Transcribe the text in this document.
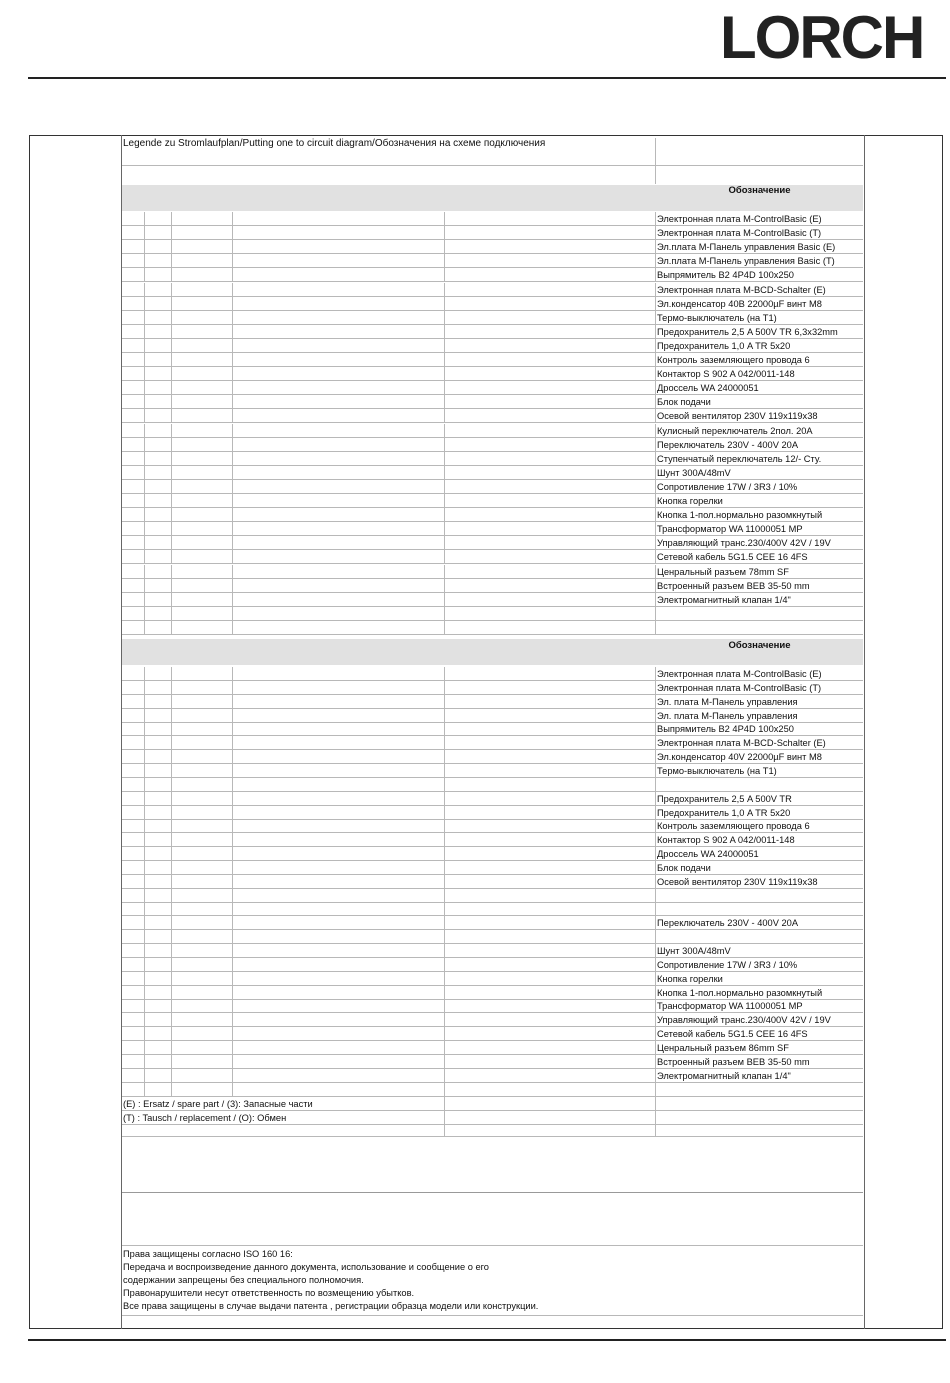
LORCH
Legende zu Stromlaufplan/Putting one to circuit diagram/Обозначения на схеме подключения
Обозначение
Электронная плата M-ControlBasic (E)
Электронная плата M-ControlBasic (T)
Эл.плата M-Панель управления Basic (E)
Эл.плата M-Панель управления Basic (T)
Выпрямитель B2 4P4D 100x250
Электронная плата M-BCD-Schalter (E)
Эл.конденсатор 40В 22000µF винт M8
Термо-выключатель (на T1)
Предохранитель 2,5 A 500V TR 6,3x32mm
Предохранитель 1,0 A TR 5x20
Контроль заземляющего провода 6
Контактор S 902 A 042/0011-148
Дроссель WA 24000051
Блок подачи
Осевой вентилятор 230V 119x119x38
Кулисный переключатель 2пол. 20A
Переключатель 230V - 400V 20A
Ступенчатый переключатель 12/- Сту.
Шунт 300A/48mV
Сопротивление 17W / 3R3 / 10%
Кнопка горелки
Кнопка 1-пол.нормально разомкнутый
Трансформатор WA 11000051 MP
Управляющий транс.230/400V 42V / 19V
Сетевой кабель 5G1.5 CEE 16 4FS
Ценральный разъем 78mm SF
Встроенный разъем BEB 35-50 mm
Электромагнитный клапан 1/4"
Обозначение
Электронная плата M-ControlBasic (E)
Электронная плата M-ControlBasic (T)
Эл. плата M-Панель управления
Эл. плата M-Панель управления
Выпрямитель B2 4P4D 100x250
Электронная плата M-BCD-Schalter (E)
Эл.конденсатор 40V 22000µF винт M8
Термо-выключатель (на T1)
Предохранитель 2,5 A 500V TR
Предохранитель 1,0 A TR 5x20
Контроль заземляющего провода 6
Контактор S 902 A 042/0011-148
Дроссель WA 24000051
Блок подачи
Осевой вентилятор 230V 119x119x38
Переключатель 230V - 400V 20A
Шунт 300A/48mV
Сопротивление 17W / 3R3 / 10%
Кнопка горелки
Кнопка 1-пол.нормально разомкнутый
Трансформатор WA 11000051 MP
Управляющий транс.230/400V 42V / 19V
Сетевой кабель 5G1.5 CEE 16 4FS
Ценральный разъем 86mm SF
Встроенный разъем BEB 35-50 mm
Электромагнитный клапан 1/4"
(E) : Ersatz / spare part / (3): Запасные части
(T) : Tausch / replacement / (O): Обмен
Права защищены согласно ISO 160 16:
Передача и воспроизведение данного документа, использование и сообщение о его
содержании запрещены без специального полномочия.
Правонарушители несут ответственность по возмещению убытков.
Все права защищены в случае выдачи патента , регистрации образца модели или конструкции.
